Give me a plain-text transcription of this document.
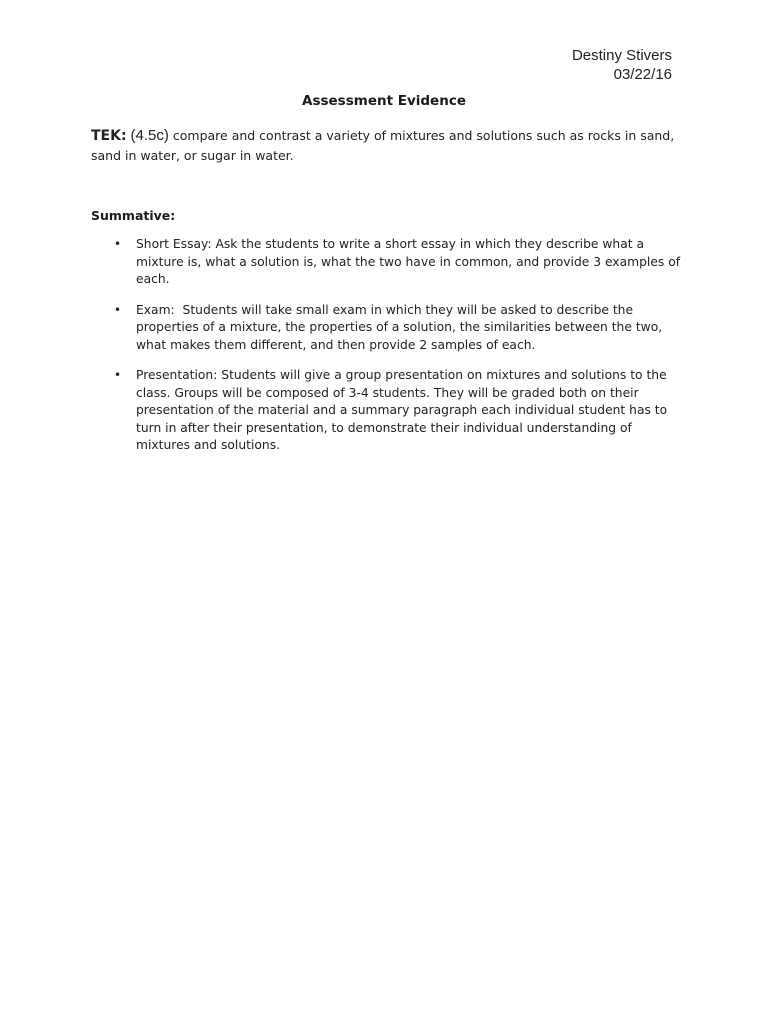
Destiny Stivers
03/22/16
Assessment Evidence
TEK: (4.5c) compare and contrast a variety of mixtures and solutions such as rocks in sand, sand in water, or sugar in water.
Summative:
• Short Essay: Ask the students to write a short essay in which they describe what a mixture is, what a solution is, what the two have in common, and provide 3 examples of each.
• Exam:  Students will take small exam in which they will be asked to describe the properties of a mixture, the properties of a solution, the similarities between the two, what makes them different, and then provide 2 samples of each.
• Presentation: Students will give a group presentation on mixtures and solutions to the class. Groups will be composed of 3-4 students. They will be graded both on their presentation of the material and a summary paragraph each individual student has to turn in after their presentation, to demonstrate their individual understanding of mixtures and solutions.
